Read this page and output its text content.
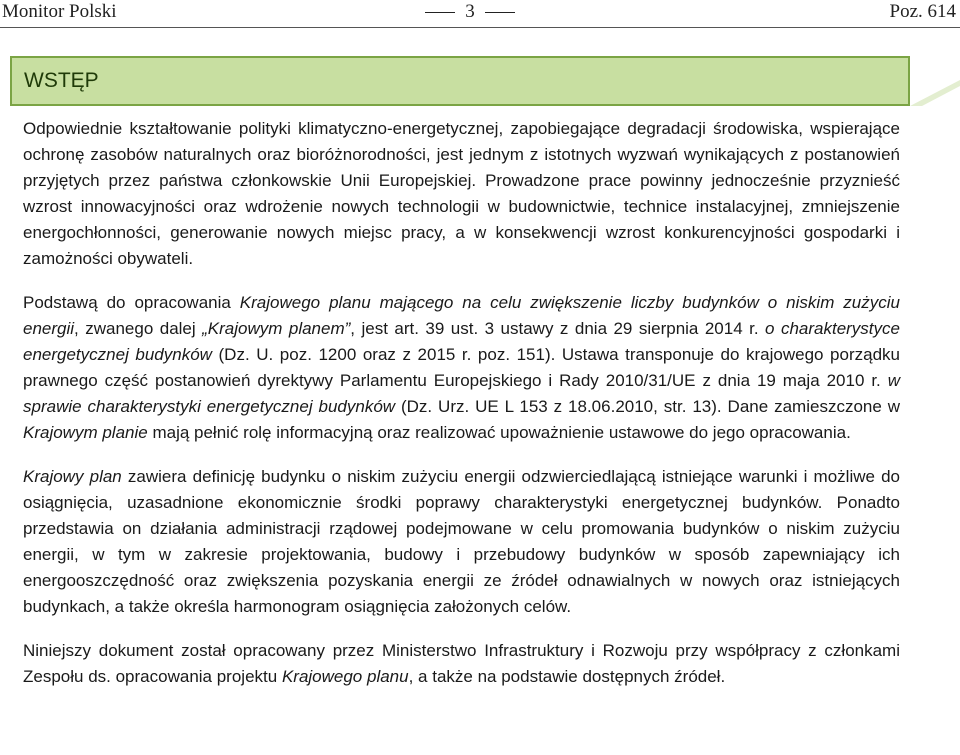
Monitor Polski	3	Poz. 614
WSTĘP

Odpowiednie kształtowanie polityki klimatyczno-energetycznej, zapobiegające degradacji środowiska, wspierające ochronę zasobów naturalnych oraz bioróżnorodności, jest jednym z istotnych wyzwań wynikających z postanowień przyjętych przez państwa członkowskie Unii Europejskiej. Prowadzone prace powinny jednocześnie przyznieść wzrost innowacyjności oraz wdrożenie nowych technologii w budownictwie, technice instalacyjnej, zmniejszenie energochłonności, generowanie nowych miejsc pracy, a w konsekwencji wzrost konkurencyjności gospodarki i zamożności obywateli.

Podstawą do opracowania Krajowego planu mającego na celu zwiększenie liczby budynków o niskim zużyciu energii, zwanego dalej „Krajowym planem”, jest art. 39 ust. 3 ustawy z dnia 29 sierpnia 2014 r. o charakterystyce energetycznej budynków (Dz. U. poz. 1200 oraz z 2015 r. poz. 151). Ustawa transponuje do krajowego porządku prawnego część postanowień dyrektywy Parlamentu Europejskiego i Rady 2010/31/UE z dnia 19 maja 2010 r. w sprawie charakterystyki energetycznej budynków (Dz. Urz. UE L 153 z 18.06.2010, str. 13). Dane zamieszczone w Krajowym planie mają pełnić rolę informacyjną oraz realizować upoważnienie ustawowe do jego opracowania.

Krajowy plan zawiera definicję budynku o niskim zużyciu energii odzwierciedlającą istniejące warunki i możliwe do osiągnięcia, uzasadnione ekonomicznie środki poprawy charakterystyki energetycznej budynków. Ponadto przedstawia on działania administracji rządowej podejmowane w celu promowania budynków o niskim zużyciu energii, w tym w zakresie projektowania, budowy i przebudowy budynków w sposób zapewniający ich energooszczędność oraz zwiększenia pozyskania energii ze źródeł odnawialnych w nowych oraz istniejących budynkach, a także określa harmonogram osiągnięcia założonych celów.

Niniejszy dokument został opracowany przez Ministerstwo Infrastruktury i Rozwoju przy współpracy z członkami Zespołu ds. opracowania projektu Krajowego planu, a także na podstawie dostępnych źródeł.
